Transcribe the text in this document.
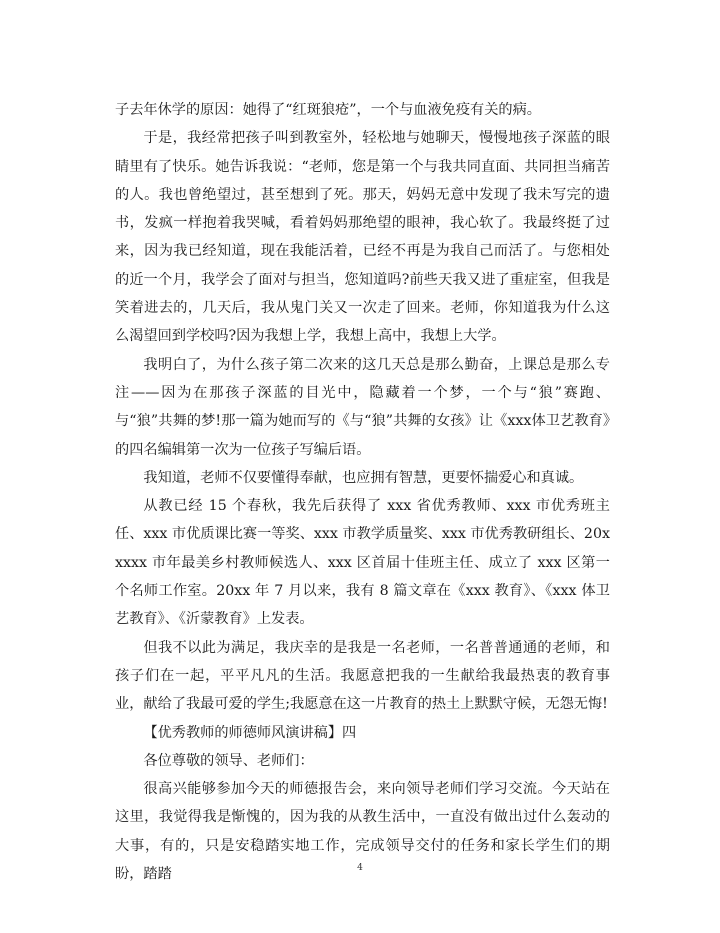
子去年休学的原因：她得了“红斑狼疮”，一个与血液免疫有关的病。

于是，我经常把孩子叫到教室外，轻松地与她聊天，慢慢地孩子深蓝的眼睛里有了快乐。她告诉我说：“老师，您是第一个与我共同直面、共同担当痛苦的人。我也曾绝望过，甚至想到了死。那天，妈妈无意中发现了我未写完的遗书，发疯一样抱着我哭喊，看着妈妈那绝望的眼神，我心软了。我最终挺了过来，因为我已经知道，现在我能活着，已经不再是为我自己而活了。与您相处的近一个月，我学会了面对与担当，您知道吗?前些天我又进了重症室，但我是笑着进去的，几天后，我从鬼门关又一次走了回来。老师，你知道我为什么这么渴望回到学校吗?因为我想上学，我想上高中，我想上大学。

我明白了，为什么孩子第二次来的这几天总是那么勤奋，上课总是那么专注——因为在那孩子深蓝的目光中，隐藏着一个梦，一个与“狼”赛跑、与“狼”共舞的梦!那一篇为她而写的《与“狼”共舞的女孩》让《xxx体卫艺教育》的四名编辑第一次为一位孩子写编后语。

我知道，老师不仅要懂得奉献，也应拥有智慧，更要怀揣爱心和真诚。

从教已经 15 个春秋，我先后获得了 xxx 省优秀教师、xxx 市优秀班主任、xxx 市优质课比赛一等奖、xxx 市教学质量奖、xxx 市优秀教研组长、20xxxxx 市年最美乡村教师候选人、xxx 区首届十佳班主任、成立了 xxx 区第一个名师工作室。20xx 年 7 月以来，我有 8 篇文章在《xxx 教育》、《xxx 体卫艺教育》、《沂蒙教育》上发表。

但我不以此为满足，我庆幸的是我是一名老师，一名普普通通的老师，和孩子们在一起，平平凡凡的生活。我愿意把我的一生献给我最热衷的教育事业，献给了我最可爱的学生;我愿意在这一片教育的热土上默默守候，无怨无悔!

【优秀教师的师德师风演讲稿】四

各位尊敬的领导、老师们：

很高兴能够参加今天的师德报告会，来向领导老师们学习交流。今天站在这里，我觉得我是惭愧的，因为我的从教生活中，一直没有做出过什么轰动的大事，有的，只是安稳踏实地工作，完成领导交付的任务和家长学生们的期盼，踏踏	4
